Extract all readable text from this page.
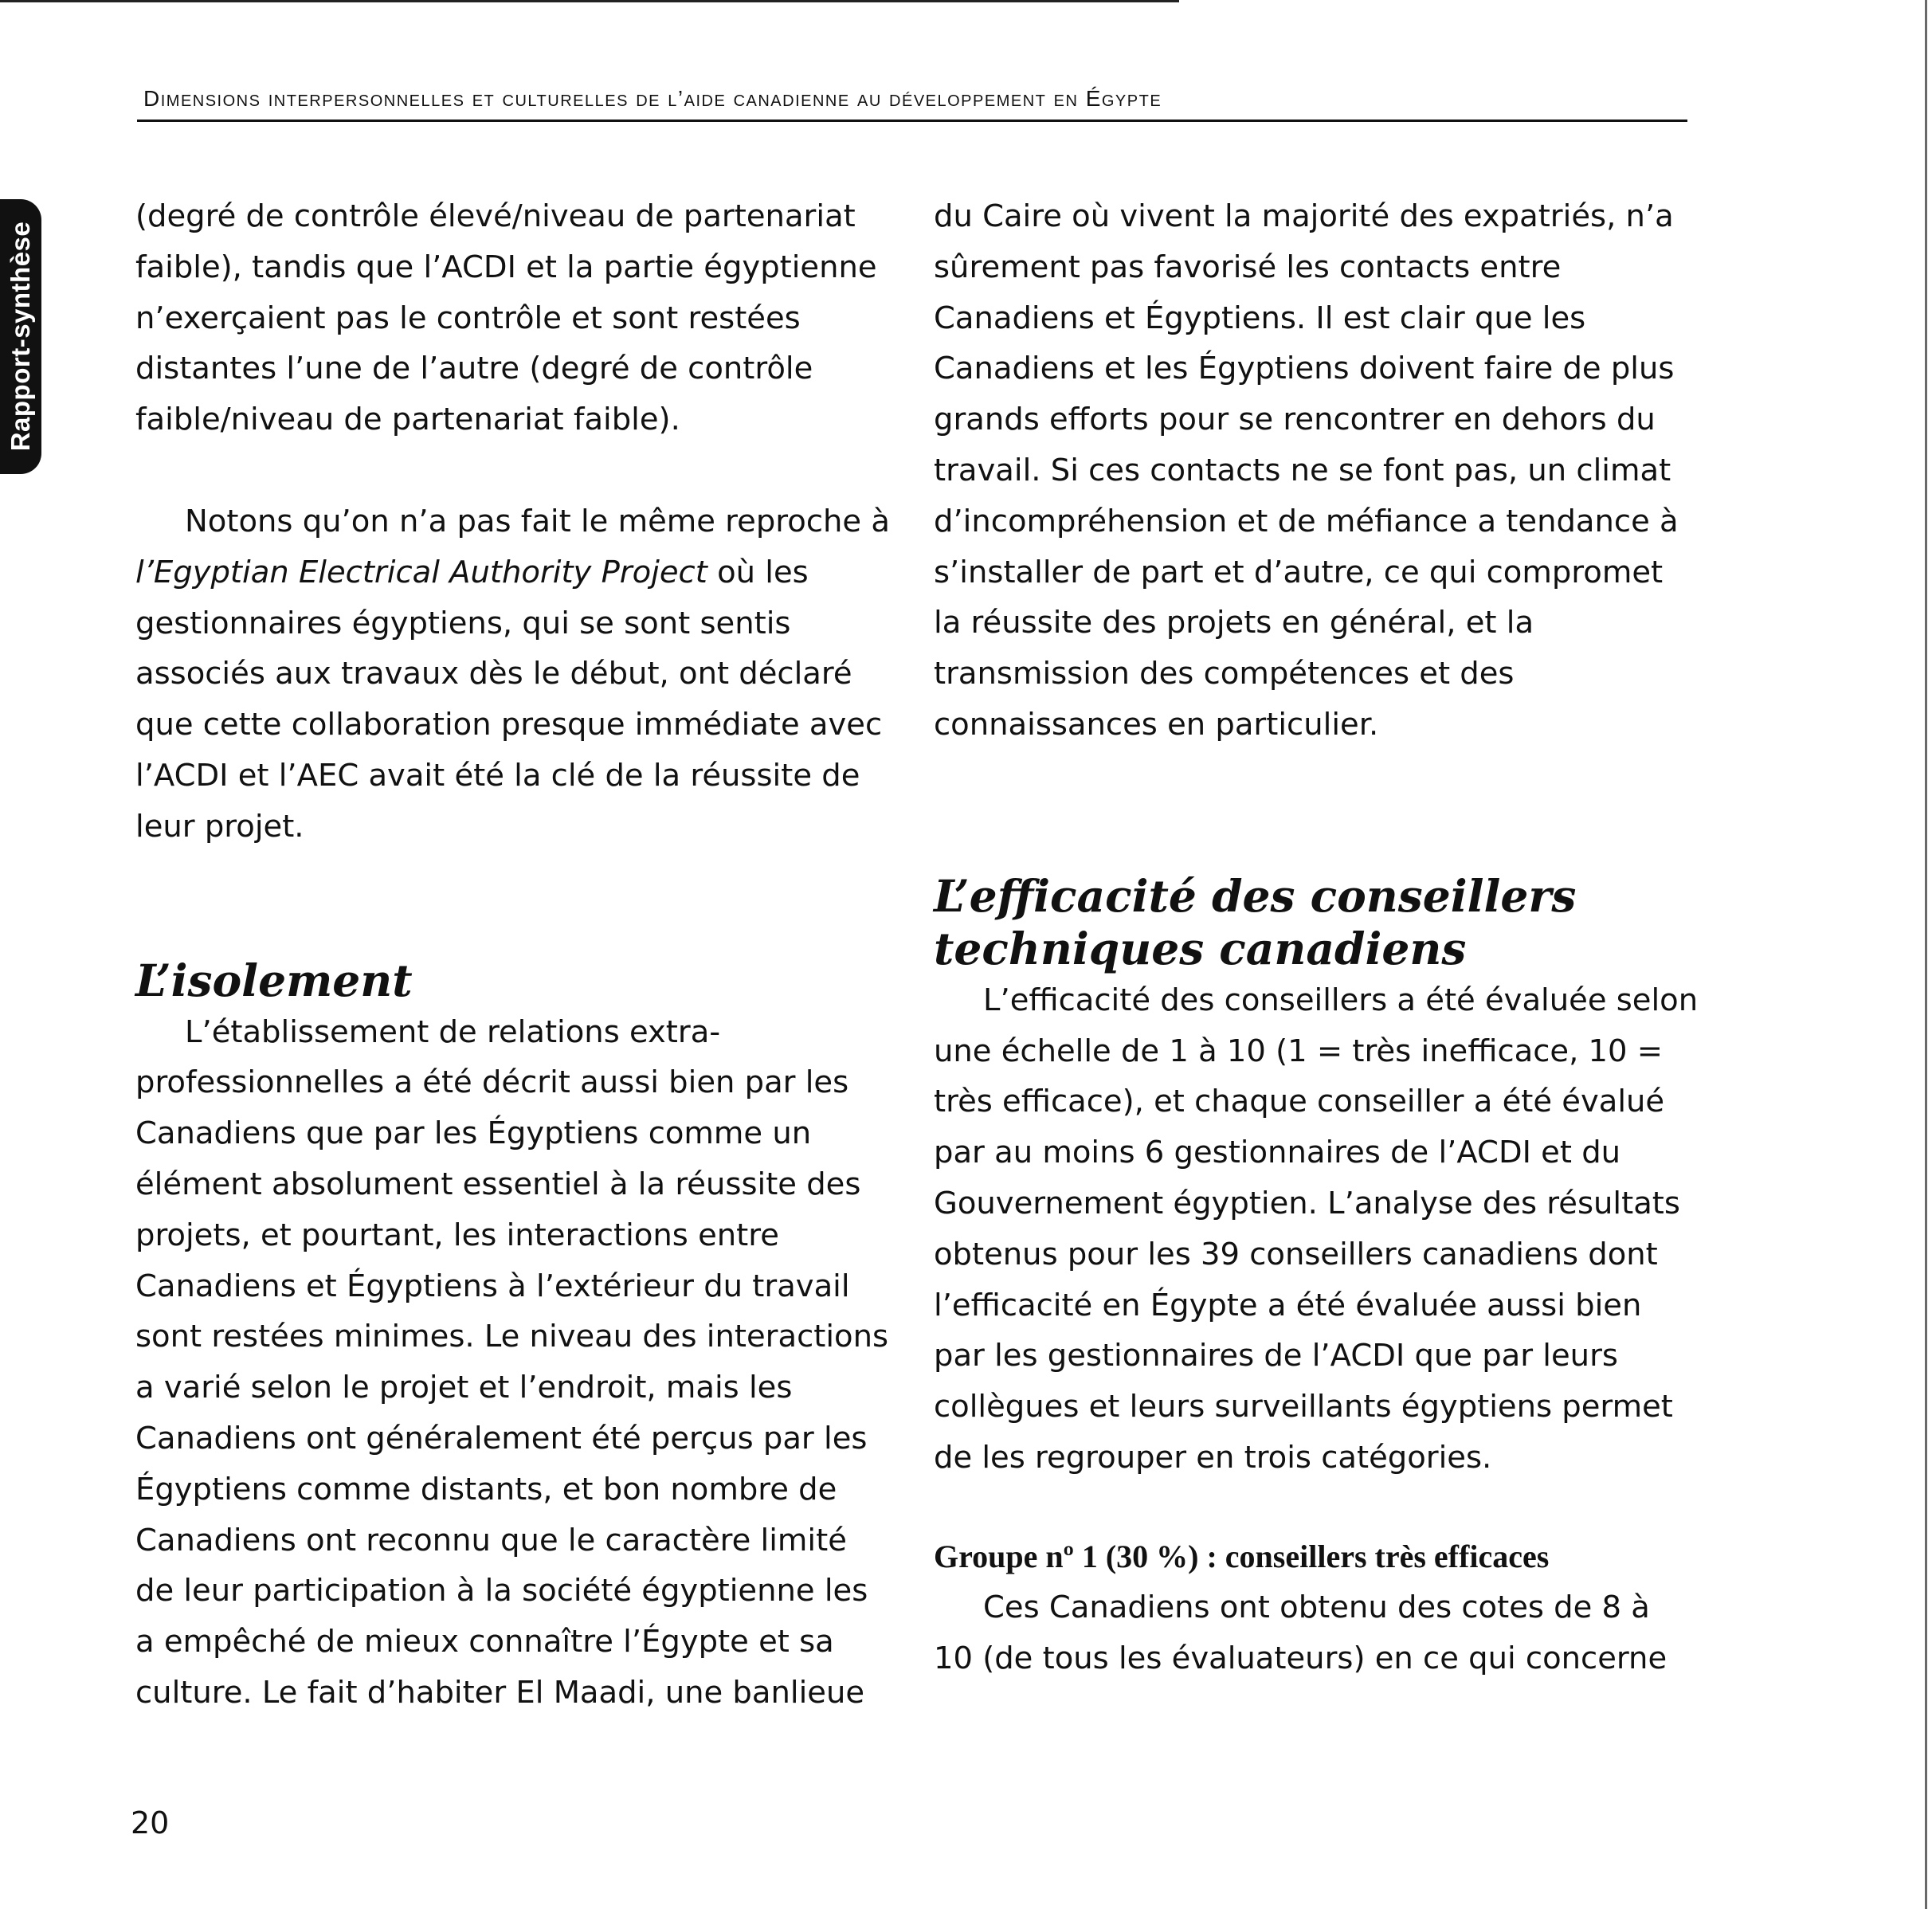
Dimensions interpersonnelles et culturelles de l’aide canadienne au développement en Égypte
Rapport-synthèse

(degré de contrôle élevé/niveau de partenariat faible), tandis que l’ACDI et la partie égyptienne n’exerçaient pas le contrôle et sont restées distantes l’une de l’autre (degré de contrôle faible/niveau de partenariat faible).

Notons qu’on n’a pas fait le même reproche à l’Egyptian Electrical Authority Project où les gestionnaires égyptiens, qui se sont sentis associés aux travaux dès le début, ont déclaré que cette collaboration presque immédiate avec l’ACDI et l’AEC avait été la clé de la réussite de leur projet.

L’isolement

L’établissement de relations extra-professionnelles a été décrit aussi bien par les Canadiens que par les Égyptiens comme un élément absolument essentiel à la réussite des projets, et pourtant, les interactions entre Canadiens et Égyptiens à l’extérieur du travail sont restées minimes. Le niveau des interactions a varié selon le projet et l’endroit, mais les Canadiens ont généralement été perçus par les Égyptiens comme distants, et bon nombre de Canadiens ont reconnu que le caractère limité de leur participation à la société égyptienne les a empêché de mieux connaître l’Égypte et sa culture. Le fait d’habiter El Maadi, une banlieue

du Caire où vivent la majorité des expatriés, n’a sûrement pas favorisé les contacts entre Canadiens et Égyptiens. Il est clair que les Canadiens et les Égyptiens doivent faire de plus grands efforts pour se rencontrer en dehors du travail. Si ces contacts ne se font pas, un climat d’incompréhension et de méfiance a tendance à s’installer de part et d’autre, ce qui compromet la réussite des projets en général, et la transmission des compétences et des connaissances en particulier.

L’efficacité des conseillers techniques canadiens

L’efficacité des conseillers a été évaluée selon une échelle de 1 à 10 (1 = très inefficace, 10 = très efficace), et chaque conseiller a été évalué par au moins 6 gestionnaires de l’ACDI et du Gouvernement égyptien. L’analyse des résultats obtenus pour les 39 conseillers canadiens dont l’efficacité en Égypte a été évaluée aussi bien par les gestionnaires de l’ACDI que par leurs collègues et leurs surveillants égyptiens permet de les regrouper en trois catégories.

Groupe nº 1 (30 %) : conseillers très efficaces

Ces Canadiens ont obtenu des cotes de 8 à 10 (de tous les évaluateurs) en ce qui concerne

20
